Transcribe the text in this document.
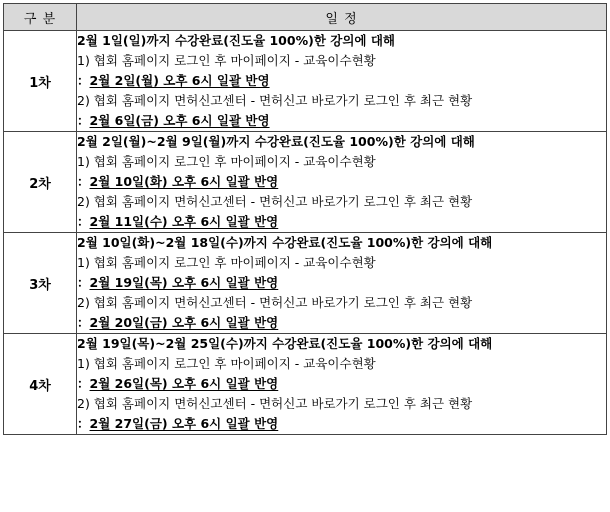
구 분	일 정
1차	2월 1일(일)까지 수강완료(진도율 100%)한 강의에 대해
1) 협회 홈페이지 로그인 후 마이페이지 - 교육이수현황
：2월 2일(월) 오후 6시 일괄 반영
2) 협회 홈페이지 면허신고센터 - 면허신고 바로가기 로그인 후 최근 현황
：2월 6일(금) 오후 6시 일괄 반영

2차	2월 2일(월)~2월 9일(월)까지 수강완료(진도율 100%)한 강의에 대해
1) 협회 홈페이지 로그인 후 마이페이지 - 교육이수현황
：2월 10일(화) 오후 6시 일괄 반영
2) 협회 홈페이지 면허신고센터 - 면허신고 바로가기 로그인 후 최근 현황
：2월 11일(수) 오후 6시 일괄 반영

3차	2월 10일(화)~2월 18일(수)까지 수강완료(진도율 100%)한 강의에 대해
1) 협회 홈페이지 로그인 후 마이페이지 - 교육이수현황
：2월 19일(목) 오후 6시 일괄 반영
2) 협회 홈페이지 면허신고센터 - 면허신고 바로가기 로그인 후 최근 현황
：2월 20일(금) 오후 6시 일괄 반영

4차	2월 19일(목)~2월 25일(수)까지 수강완료(진도율 100%)한 강의에 대해
1) 협회 홈페이지 로그인 후 마이페이지 - 교육이수현황
：2월 26일(목) 오후 6시 일괄 반영
2) 협회 홈페이지 면허신고센터 - 면허신고 바로가기 로그인 후 최근 현황
：2월 27일(금) 오후 6시 일괄 반영
